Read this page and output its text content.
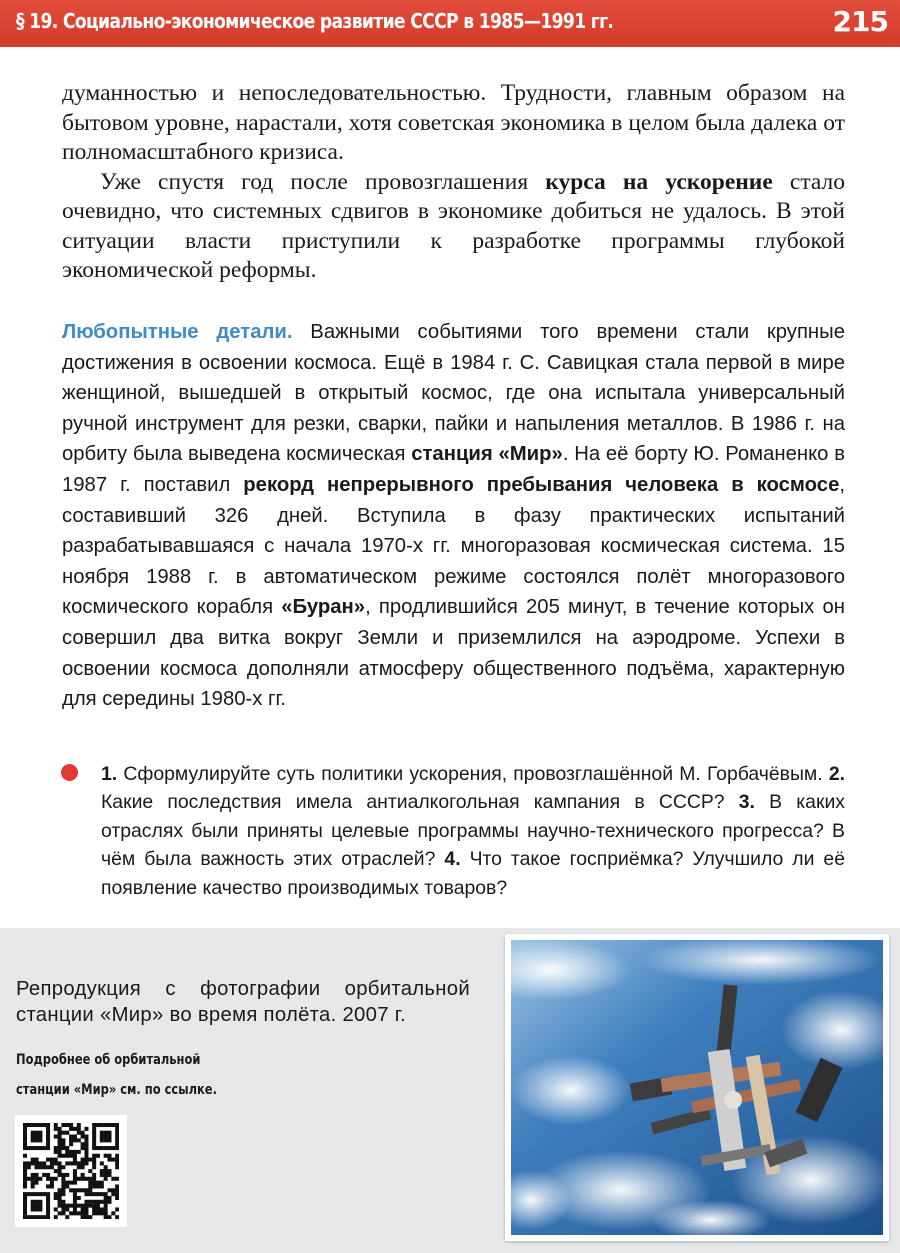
§ 19. Социально-экономическое развитие СССР в 1985—1991 гг.	215

думанностью и непоследовательностью. Трудности, главным образом на бытовом уровне, нарастали, хотя советская экономика в целом была далека от полномасштабного кризиса.

Уже спустя год после провозглашения курса на ускорение стало очевидно, что системных сдвигов в экономике добиться не удалось. В этой ситуации власти приступили к разработке программы глубокой экономической реформы.

Любопытные детали. Важными событиями того времени стали крупные достижения в освоении космоса. Ещё в 1984 г. С. Савицкая стала первой в мире женщиной, вышедшей в открытый космос, где она испытала универсальный ручной инструмент для резки, сварки, пайки и напыления металлов. В 1986 г. на орбиту была выведена космическая станция «Мир». На её борту Ю. Романенко в 1987 г. поставил рекорд непрерывного пребывания человека в космосе, составивший 326 дней. Вступила в фазу практических испытаний разрабатывавшаяся с начала 1970-х гг. многоразовая космическая система. 15 ноября 1988 г. в автоматическом режиме состоялся полёт многоразового космического корабля «Буран», продлившийся 205 минут, в течение которых он совершил два витка вокруг Земли и приземлился на аэродроме. Успехи в освоении космоса дополняли атмосферу общественного подъёма, характерную для середины 1980-х гг.
1. Сформулируйте суть политики ускорения, провозглашённой М. Горбачёвым. 2. Какие последствия имела антиалкогольная кампания в СССР? 3. В каких отраслях были приняты целевые программы научно-технического прогресса? В чём была важность этих отраслей? 4. Что такое госприёмка? Улучшило ли её появление качество производимых товаров?
Репродукция с фотографии орбитальной станции «Мир» во время полёта. 2007 г.
Подробнее об орбитальной
станции «Мир» см. по ссылке.
